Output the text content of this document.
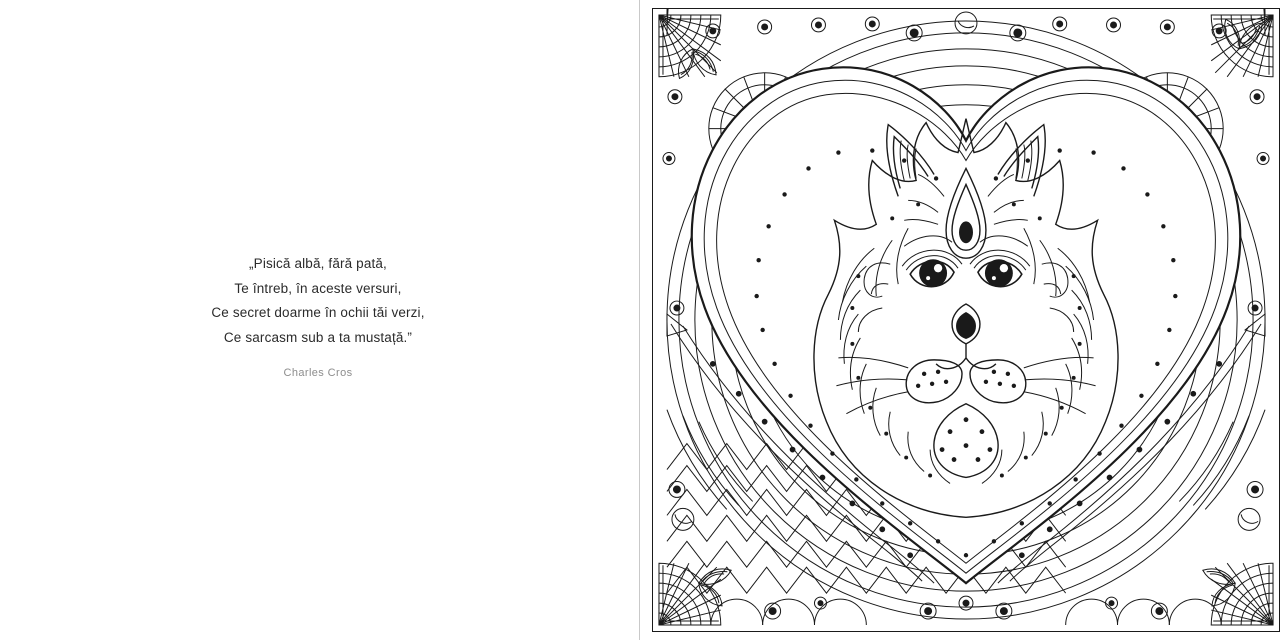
„Pisică albă, fără pată,
Te întreb, în aceste versuri,
Ce secret doarme în ochii tăi verzi,
Ce sarcasm sub a ta mustață.”
Charles Cros
